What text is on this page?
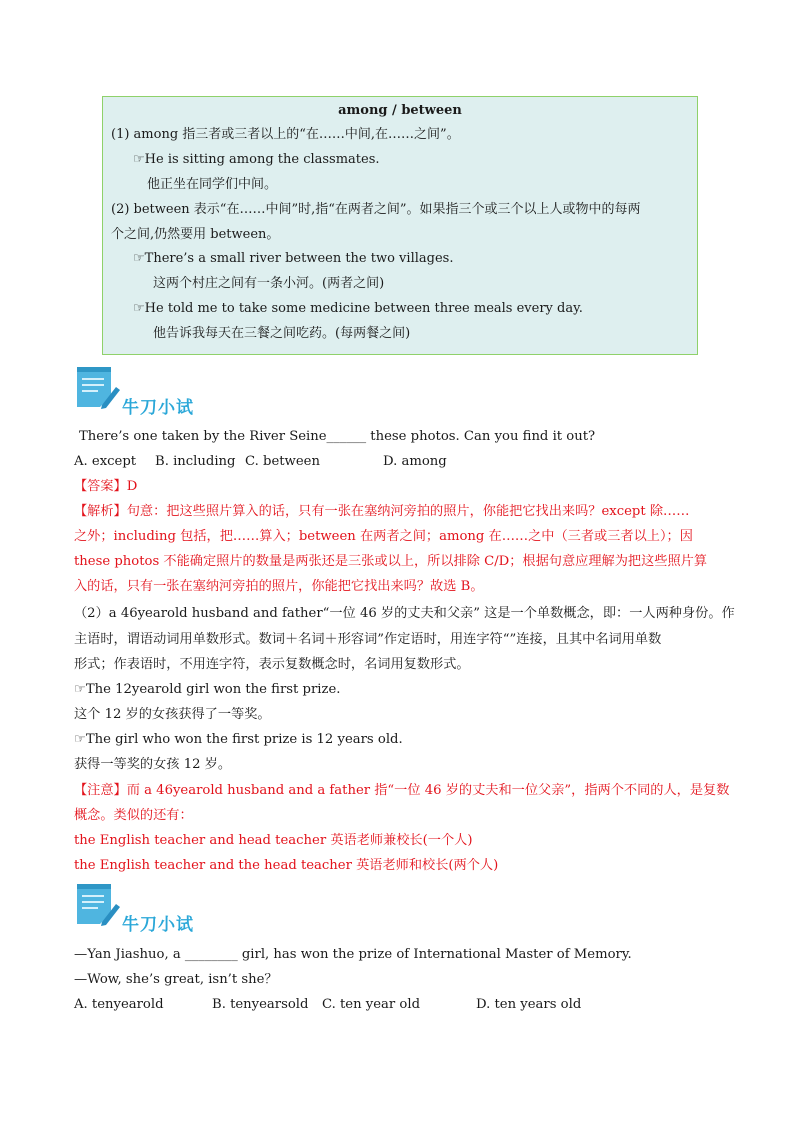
among / between
(1) among 指三者或三者以上的“在……中间,在……之间”。
☞He is sitting among the classmates.
他正坐在同学们中间。
(2) between 表示“在……中间”时,指“在两者之间”。如果指三个或三个以上人或物中的每两
个之间,仍然要用 between。
☞There’s a small river between the two villages.
这两个村庄之间有一条小河。(两者之间)
☞He told me to take some medicine between three meals every day.
他告诉我每天在三餐之间吃药。(每两餐之间)
牛刀小试
There’s one taken by the River Seine______ these photos. Can you find it out?
A. except B. including C. between	D. among
【答案】D
【解析】句意：把这些照片算入的话，只有一张在塞纳河旁拍的照片，你能把它找出来吗？except 除……
之外；including 包括，把……算入；between 在两者之间；among 在……之中（三者或三者以上）；因
these photos 不能确定照片的数量是两张还是三张或以上，所以排除 C/D；根据句意应理解为把这些照片算
入的话，只有一张在塞纳河旁拍的照片，你能把它找出来吗？故选 B。
（2）a 46yearold husband and father“一位 46 岁的丈夫和父亲” 这是一个单数概念，即：一人两种身份。作
主语时，谓语动词用单数形式。数词＋名词＋形容词”作定语时，用连字符“”连接，且其中名词用单数
形式；作表语时，不用连字符，表示复数概念时，名词用复数形式。
☞The 12yearold girl won the first prize.
这个 12 岁的女孩获得了一等奖。
☞The girl who won the first prize is 12 years old.
获得一等奖的女孩 12 岁。
【注意】而 a 46yearold husband and a father 指“一位 46 岁的丈夫和一位父亲”，指两个不同的人，是复数
概念。类似的还有：
the English teacher and head teacher 英语老师兼校长(一个人)
the English teacher and the head teacher 英语老师和校长(两个人)
牛刀小试
—Yan Jiashuo, a ________ girl, has won the prize of International Master of Memory.
—Wow, she’s great, isn’t she？
A. tenyearold	B. tenyearsold C. ten year old	D. ten years old
